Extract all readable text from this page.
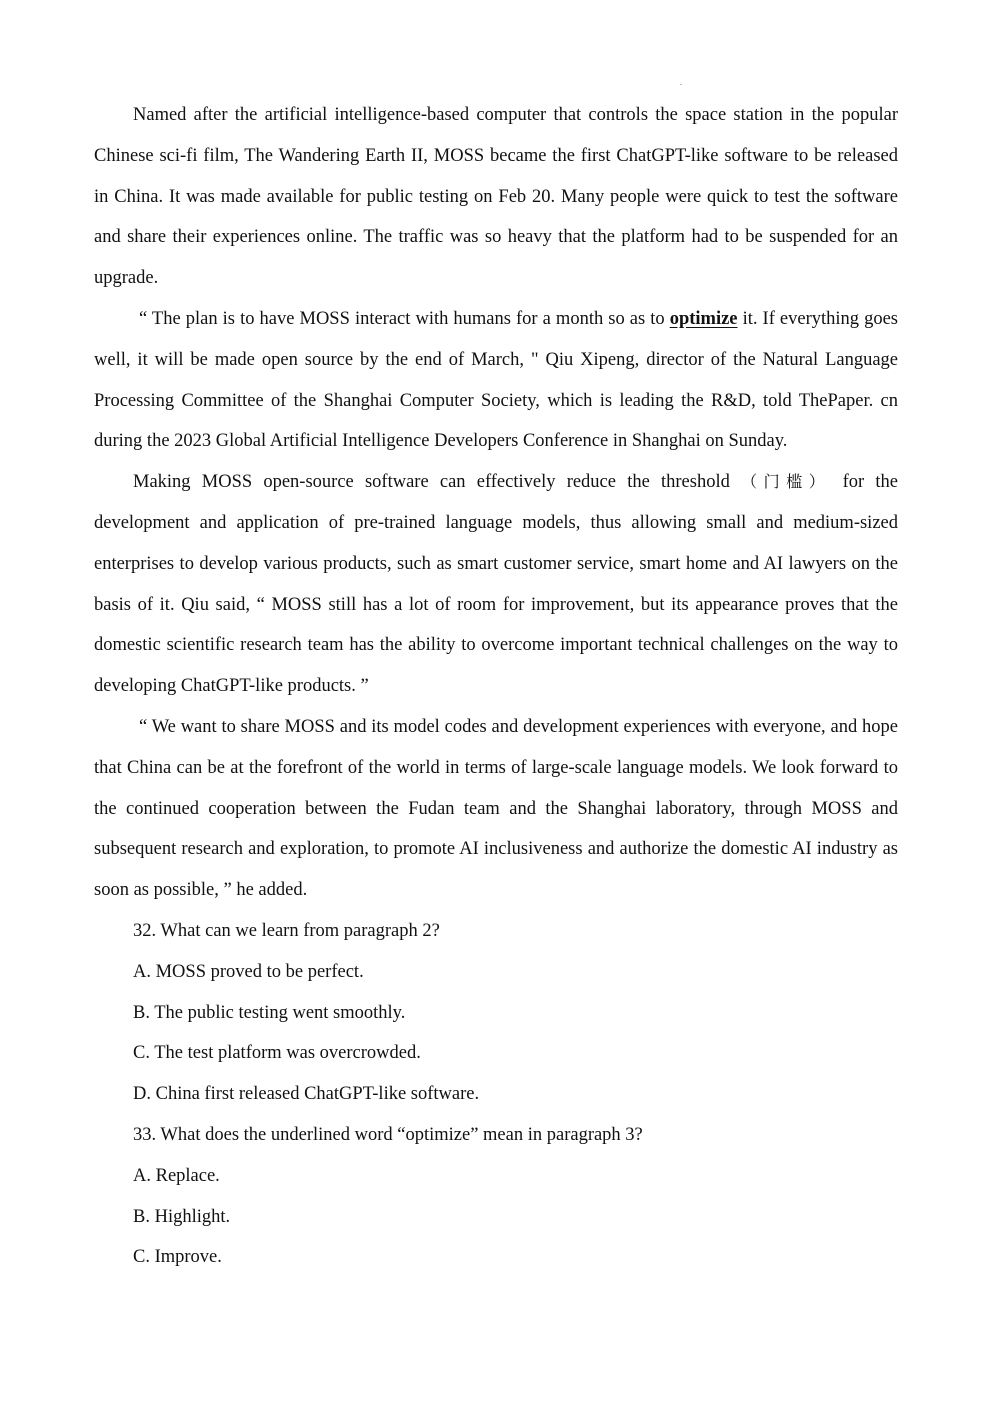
Named after the artificial intelligence-based computer that controls the space station in the popular Chinese sci-fi film, The Wandering Earth II, MOSS became the first ChatGPT-like software to be released in China. It was made available for public testing on Feb 20. Many people were quick to test the software and share their experiences online. The traffic was so heavy that the platform had to be suspended for an upgrade.

“ The plan is to have MOSS interact with humans for a month so as to optimize it. If everything goes well, it will be made open source by the end of March, " Qiu Xipeng, director of the Natural Language Processing Committee of the Shanghai Computer Society, which is leading the R&D, told ThePaper. cn during the 2023 Global Artificial Intelligence Developers Conference in Shanghai on Sunday.

Making MOSS open-source software can effectively reduce the threshold （门槛） for the development and application of pre-trained language models, thus allowing small and medium-sized enterprises to develop various products, such as smart customer service, smart home and AI lawyers on the basis of it. Qiu said, “ MOSS still has a lot of room for improvement, but its appearance proves that the domestic scientific research team has the ability to overcome important technical challenges on the way to developing ChatGPT-like products. ”

“ We want to share MOSS and its model codes and development experiences with everyone, and hope that China can be at the forefront of the world in terms of large-scale language models. We look forward to the continued cooperation between the Fudan team and the Shanghai laboratory, through MOSS and subsequent research and exploration, to promote AI inclusiveness and authorize the domestic AI industry as soon as possible, ” he added.

32. What can we learn from paragraph 2?

A. MOSS proved to be perfect.

B. The public testing went smoothly.

C. The test platform was overcrowded.

D. China first released ChatGPT-like software.

33. What does the underlined word “optimize” mean in paragraph 3?

A. Replace.

B. Highlight.

C. Improve.
